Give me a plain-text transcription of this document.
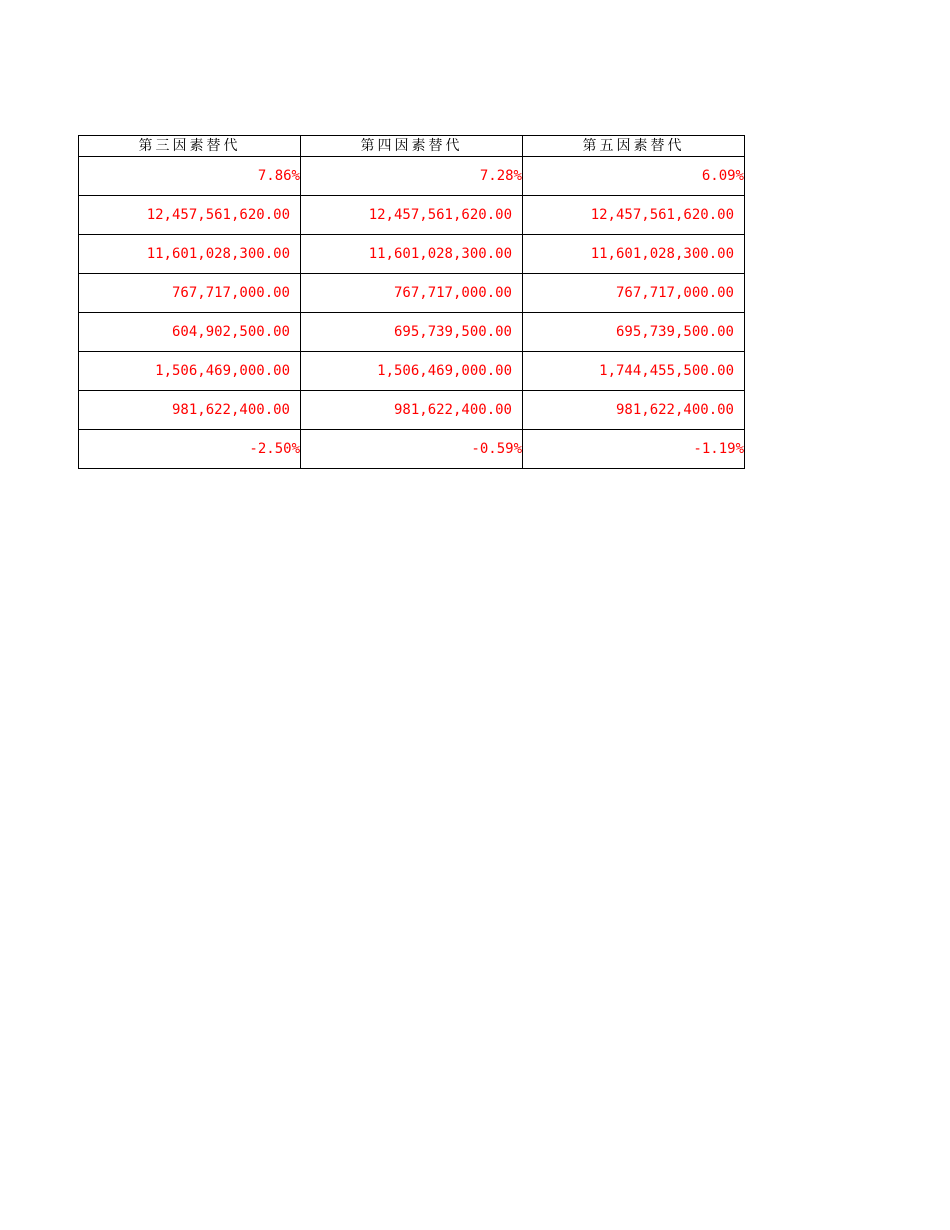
第三因素替代	第四因素替代	第五因素替代
7.86%	7.28%	6.09%
12,457,561,620.00	12,457,561,620.00	12,457,561,620.00
11,601,028,300.00	11,601,028,300.00	11,601,028,300.00
767,717,000.00	767,717,000.00	767,717,000.00
604,902,500.00	695,739,500.00	695,739,500.00
1,506,469,000.00	1,506,469,000.00	1,744,455,500.00
981,622,400.00	981,622,400.00	981,622,400.00
-2.50%	-0.59%	-1.19%
